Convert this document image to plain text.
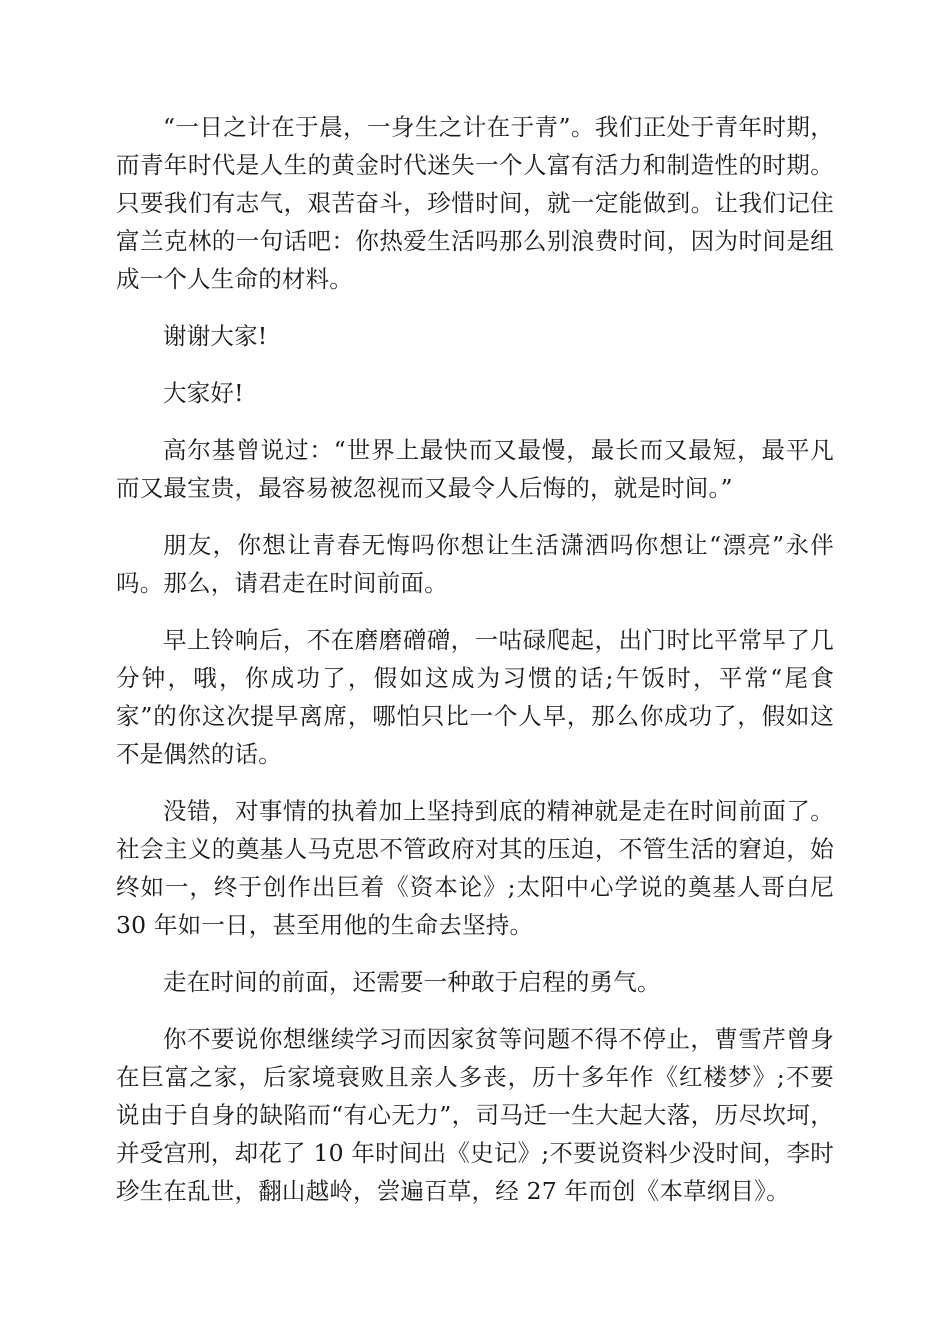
“一日之计在于晨，一身生之计在于青”。我们正处于青年时期，而青年时代是人生的黄金时代迷失一个人富有活力和制造性的时期。只要我们有志气，艰苦奋斗，珍惜时间，就一定能做到。让我们记住富兰克林的一句话吧：你热爱生活吗那么别浪费时间，因为时间是组成一个人生命的材料。

谢谢大家!

大家好!

高尔基曾说过：“世界上最快而又最慢，最长而又最短，最平凡而又最宝贵，最容易被忽视而又最令人后悔的，就是时间。”

朋友，你想让青春无悔吗你想让生活潇洒吗你想让“漂亮”永伴吗。那么，请君走在时间前面。

早上铃响后，不在磨磨磳磳，一咕碌爬起，出门时比平常早了几分钟，哦，你成功了，假如这成为习惯的话;午饭时，平常“尾食家”的你这次提早离席，哪怕只比一个人早，那么你成功了，假如这不是偶然的话。

没错，对事情的执着加上坚持到底的精神就是走在时间前面了。社会主义的奠基人马克思不管政府对其的压迫，不管生活的窘迫，始终如一，终于创作出巨着《资本论》;太阳中心学说的奠基人哥白尼 30 年如一日，甚至用他的生命去坚持。

走在时间的前面，还需要一种敢于启程的勇气。

你不要说你想继续学习而因家贫等问题不得不停止，曹雪芹曾身在巨富之家，后家境衰败且亲人多丧，历十多年作《红楼梦》;不要说由于自身的缺陷而“有心无力”，司马迁一生大起大落，历尽坎坷，并受宫刑，却花了 10 年时间出《史记》;不要说资料少没时间，李时珍生在乱世，翻山越岭，尝遍百草，经 27 年而创《本草纲目》。
